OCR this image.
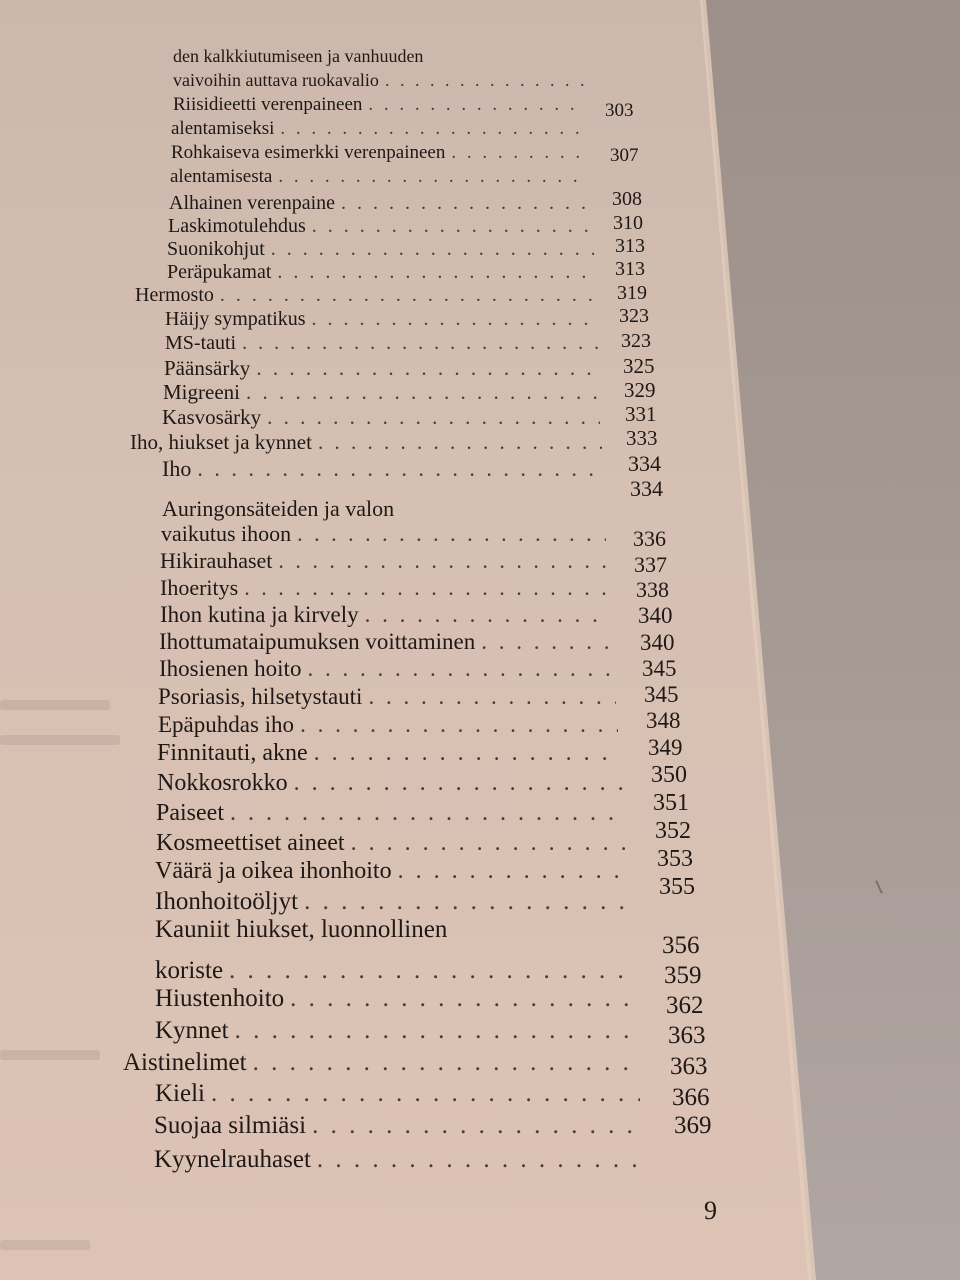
den kalkkiutumiseen ja vanhuuden
vaivoihin auttava ruokavalio
. . .
Riisidieetti verenpaineen
. . .
alentamiseksi
. . .
Rohkaiseva esimerkki verenpaineen
. . .
alentamisesta
. . .
Alhainen verenpaine
. . .
Laskimotulehdus
. . .
Suonikohjut
. . .
Peräpukamat
. . .
Hermosto
. . .
Häijy sympatikus
. . .
MS-tauti
. . .
Päänsärky
. . .
Migreeni
. . .
Kasvosärky
. . .
Iho, hiukset ja kynnet
. . .
Iho
. . .
Auringonsäteiden ja valon
vaikutus ihoon
. . .
Hikirauhaset
. . .
Ihoeritys
. . .
Ihon kutina ja kirvely
. . .
Ihottumataipumuksen voittaminen
. . .
Ihosienen hoito
. . .
Psoriasis, hilsetystauti
. . .
Epäpuhdas iho
. . .
Finnitauti, akne
. . .
Nokkosrokko
. . .
Paiseet
. . .
Kosmeettiset aineet
. . .
Väärä ja oikea ihonhoito
. . .
Ihonhoitoöljyt
. . .
Kauniit hiukset, luonnollinen
koriste
. . .
Hiustenhoito
. . .
Kynnet
. . .
Aistinelimet
. . .
Kieli
. . .
Suojaa silmiäsi
. . .
Kyynelrauhaset
. . .
303
307
308
310
313
313
319
323
323
325
329
331
333
334
334
336
337
338
340
340
345
345
348
349
350
351
352
353
355
356
359
362
363
363
366
369
9
